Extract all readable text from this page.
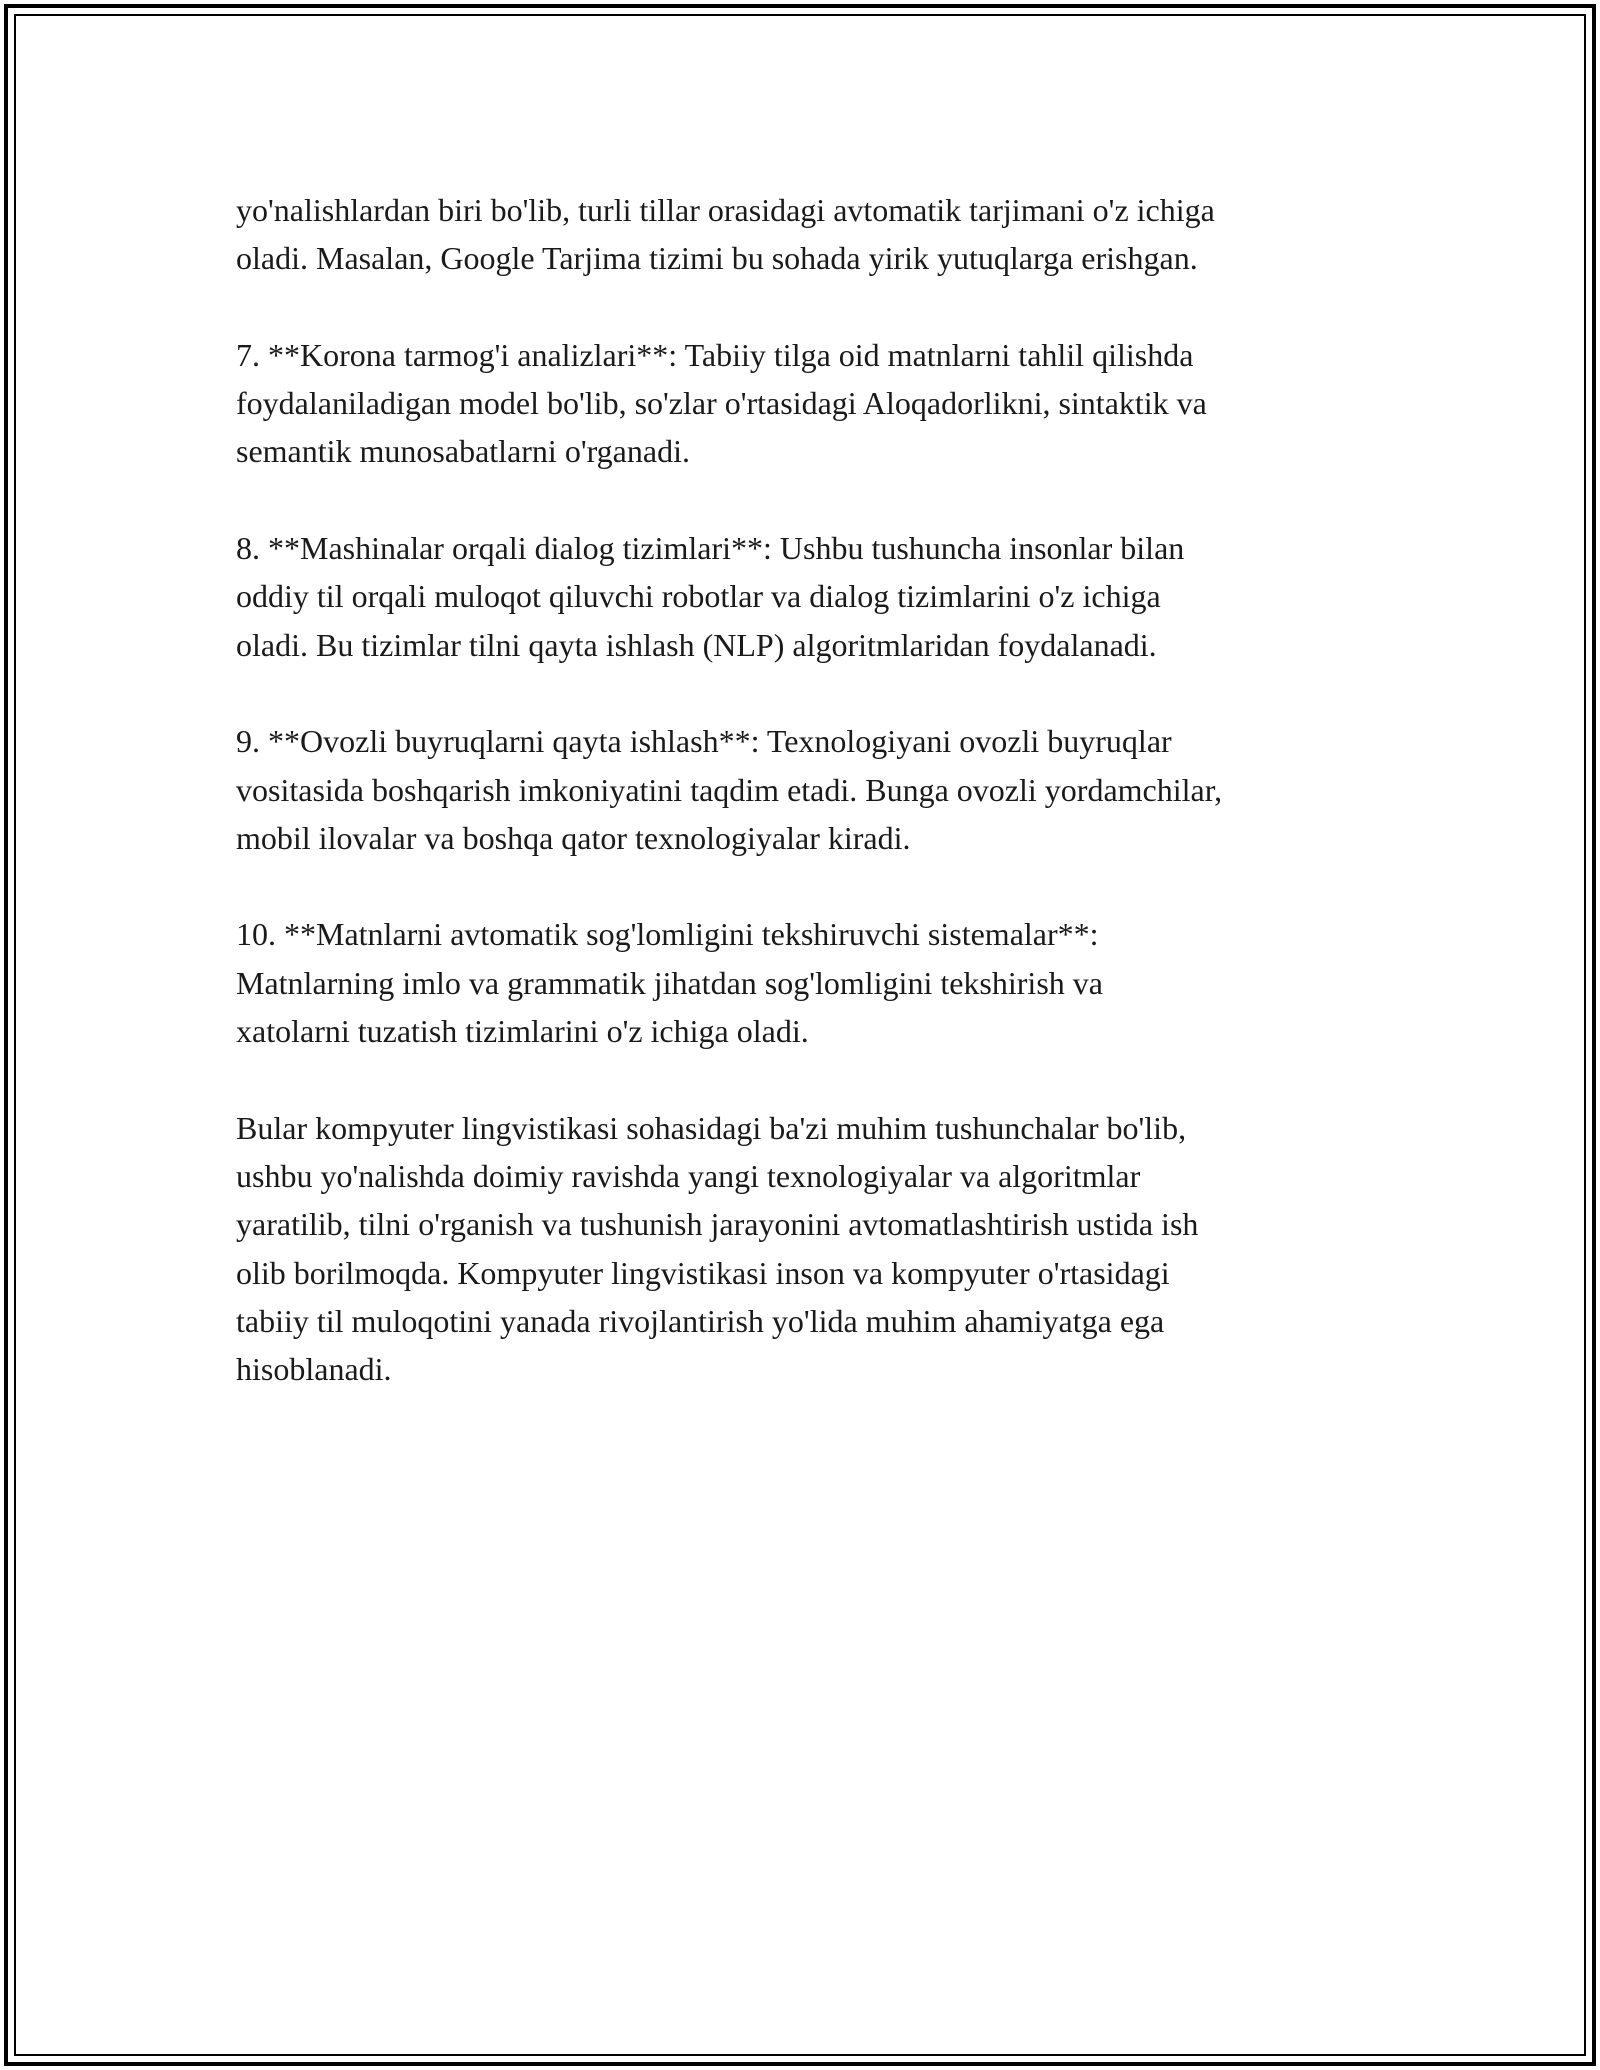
yo'nalishlardan biri bo'lib, turli tillar orasidagi avtomatik tarjimani o'z ichiga
oladi. Masalan, Google Tarjima tizimi bu sohada yirik yutuqlarga erishgan.

7. **Korona tarmog'i analizlari**: Tabiiy tilga oid matnlarni tahlil qilishda
foydalaniladigan model bo'lib, so'zlar o'rtasidagi Aloqadorlikni, sintaktik va
semantik munosabatlarni o'rganadi.

8. **Mashinalar orqali dialog tizimlari**: Ushbu tushuncha insonlar bilan
oddiy til orqali muloqot qiluvchi robotlar va dialog tizimlarini o'z ichiga
oladi. Bu tizimlar tilni qayta ishlash (NLP) algoritmlaridan foydalanadi.

9. **Ovozli buyruqlarni qayta ishlash**: Texnologiyani ovozli buyruqlar
vositasida boshqarish imkoniyatini taqdim etadi. Bunga ovozli yordamchilar,
mobil ilovalar va boshqa qator texnologiyalar kiradi.

10. **Matnlarni avtomatik sog'lomligini tekshiruvchi sistemalar**:
Matnlarning imlo va grammatik jihatdan sog'lomligini tekshirish va
xatolarni tuzatish tizimlarini o'z ichiga oladi.

Bular kompyuter lingvistikasi sohasidagi ba'zi muhim tushunchalar bo'lib,
ushbu yo'nalishda doimiy ravishda yangi texnologiyalar va algoritmlar
yaratilib, tilni o'rganish va tushunish jarayonini avtomatlashtirish ustida ish
olib borilmoqda. Kompyuter lingvistikasi inson va kompyuter o'rtasidagi
tabiiy til muloqotini yanada rivojlantirish yo'lida muhim ahamiyatga ega
hisoblanadi.
